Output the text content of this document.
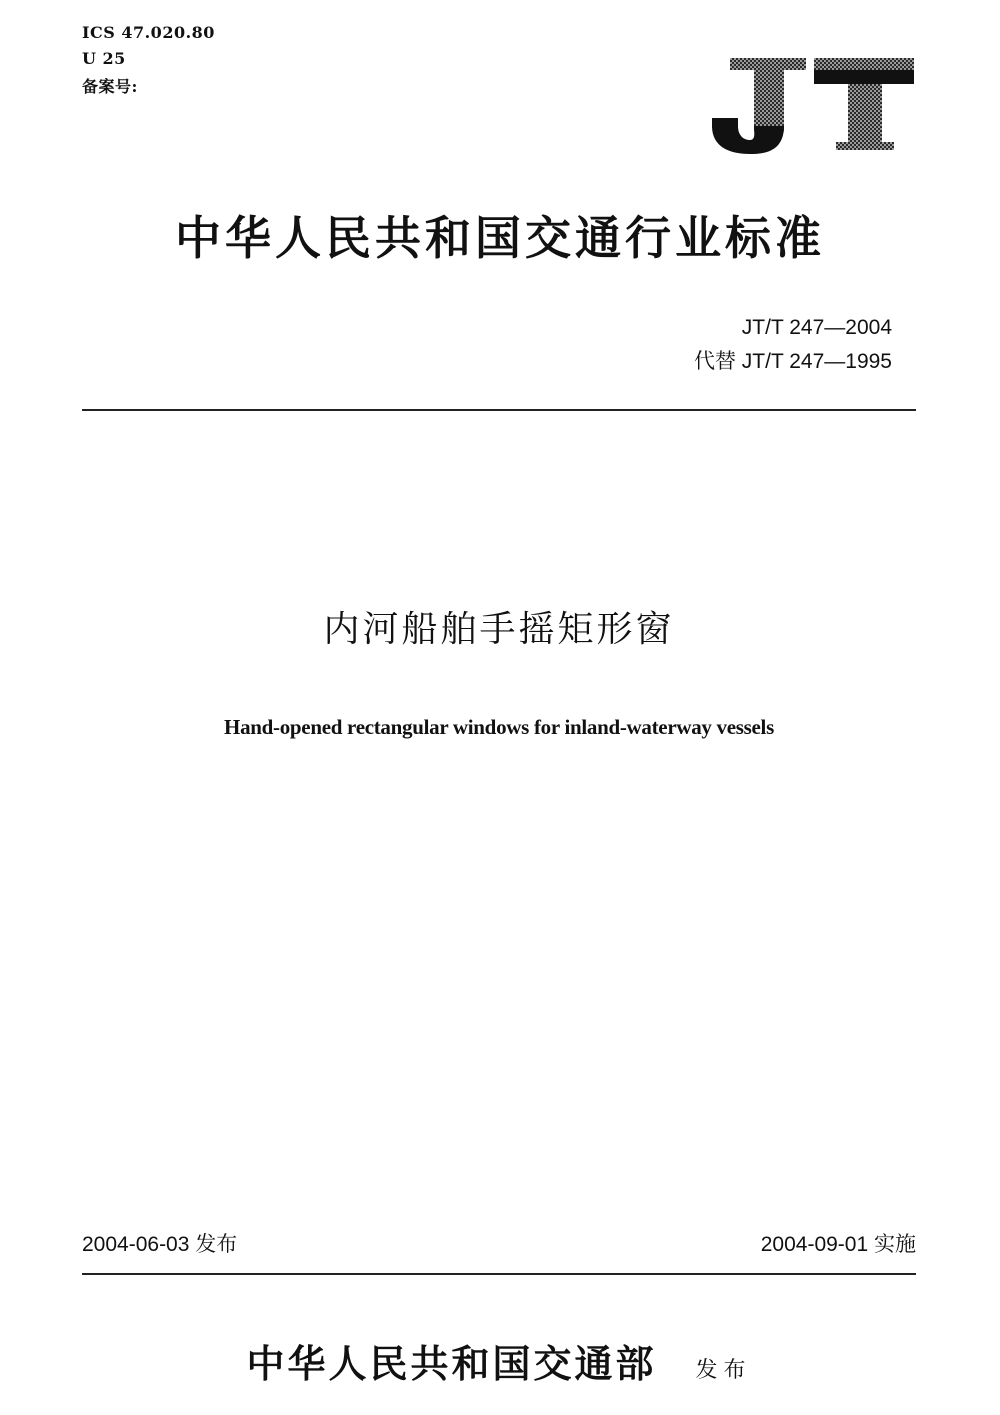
ICS 47.020.80
U 25
备案号:
中华人民共和国交通行业标准
JT/T 247—2004
代替 JT/T 247—1995
内河船舶手摇矩形窗
Hand-opened rectangular windows for inland-waterway vessels
2004-06-03 发布	2004-09-01 实施
中华人民共和国交通部 发布
